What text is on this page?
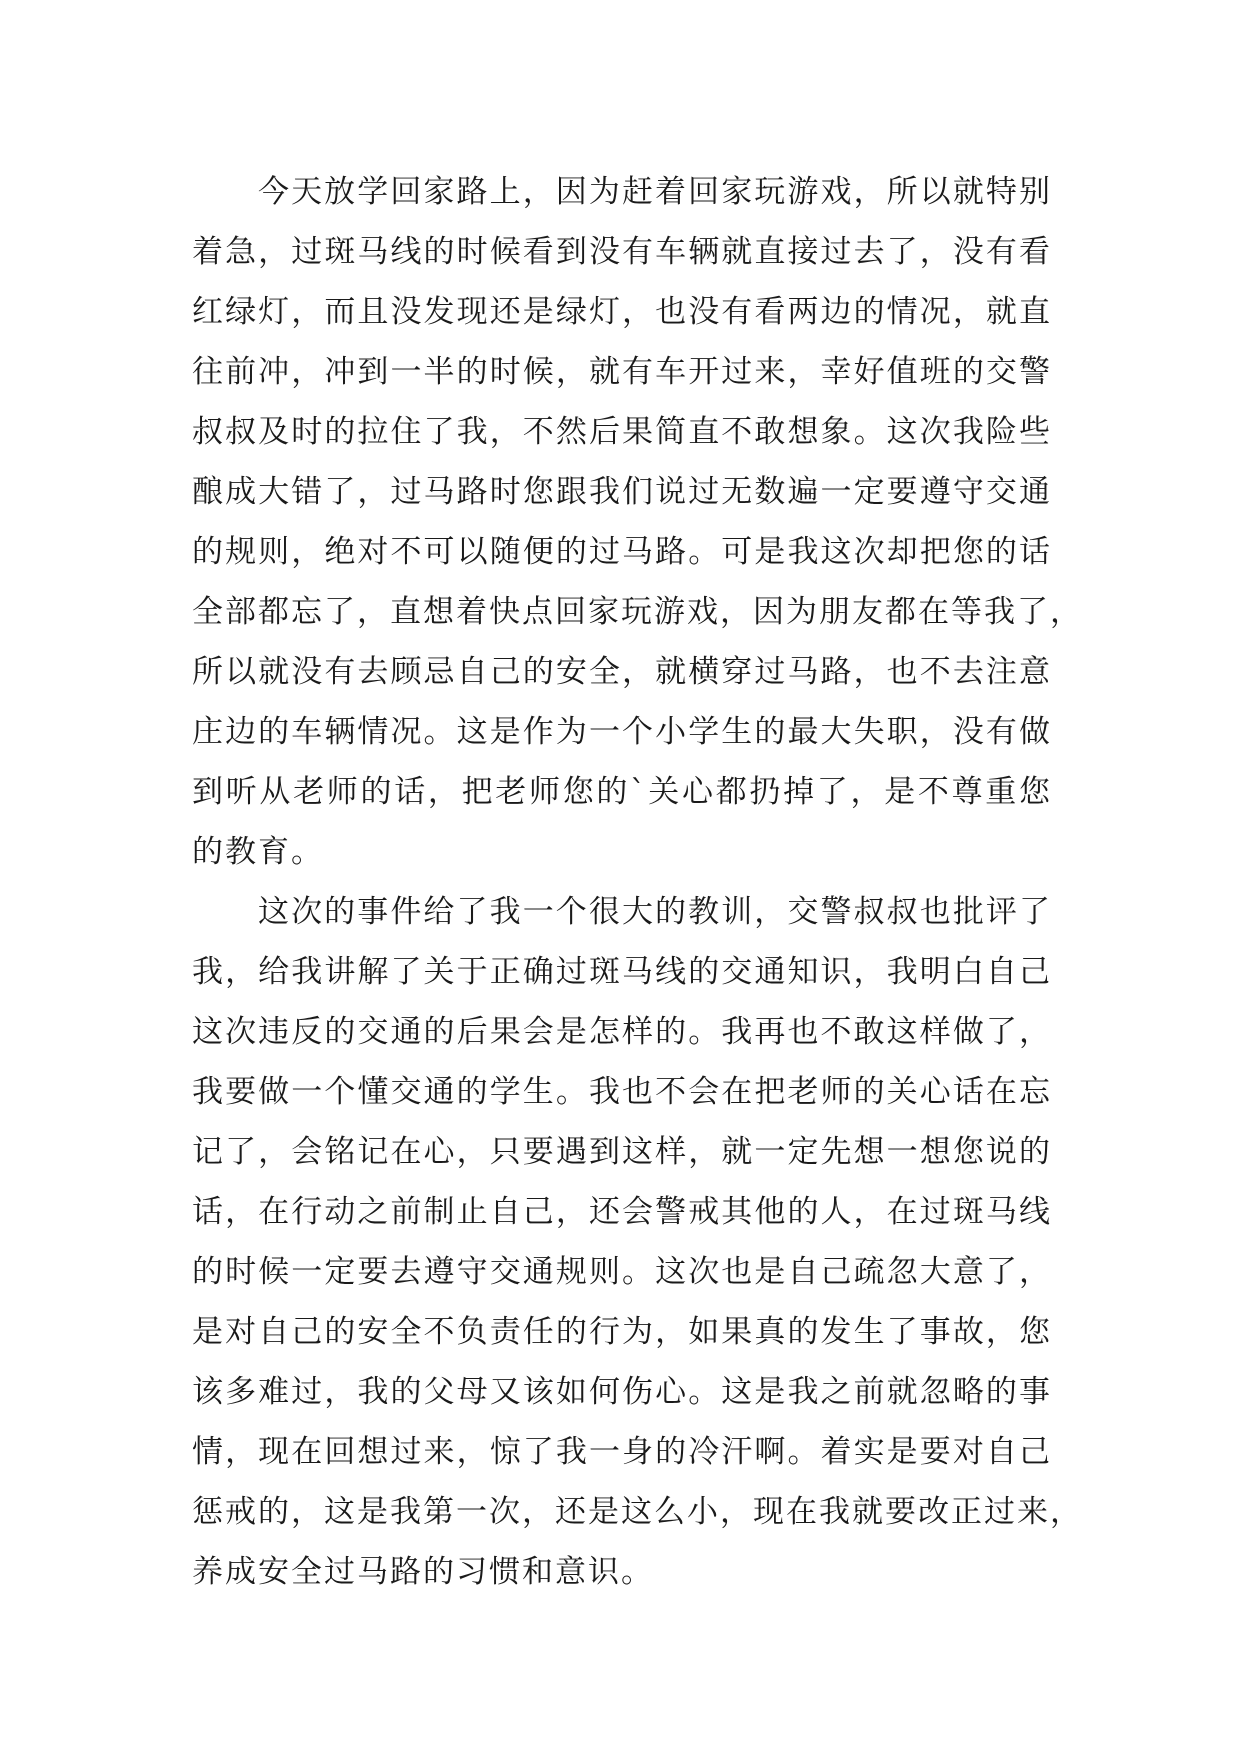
今天放学回家路上，因为赶着回家玩游戏，所以就特别
着急，过斑马线的时候看到没有车辆就直接过去了，没有看
红绿灯，而且没发现还是绿灯，也没有看两边的情况，就直
往前冲，冲到一半的时候，就有车开过来，幸好值班的交警
叔叔及时的拉住了我，不然后果简直不敢想象。这次我险些
酿成大错了，过马路时您跟我们说过无数遍一定要遵守交通
的规则，绝对不可以随便的过马路。可是我这次却把您的话
全部都忘了，直想着快点回家玩游戏，因为朋友都在等我了，
所以就没有去顾忌自己的安全，就横穿过马路，也不去注意
庄边的车辆情况。这是作为一个小学生的最大失职，没有做
到听从老师的话，把老师您的`关心都扔掉了，是不尊重您
的教育。
这次的事件给了我一个很大的教训，交警叔叔也批评了
我，给我讲解了关于正确过斑马线的交通知识，我明白自己
这次违反的交通的后果会是怎样的。我再也不敢这样做了，
我要做一个懂交通的学生。我也不会在把老师的关心话在忘
记了，会铭记在心，只要遇到这样，就一定先想一想您说的
话，在行动之前制止自己，还会警戒其他的人，在过斑马线
的时候一定要去遵守交通规则。这次也是自己疏忽大意了，
是对自己的安全不负责任的行为，如果真的发生了事故，您
该多难过，我的父母又该如何伤心。这是我之前就忽略的事
情，现在回想过来，惊了我一身的冷汗啊。着实是要对自己
惩戒的，这是我第一次，还是这么小，现在我就要改正过来，
养成安全过马路的习惯和意识。
